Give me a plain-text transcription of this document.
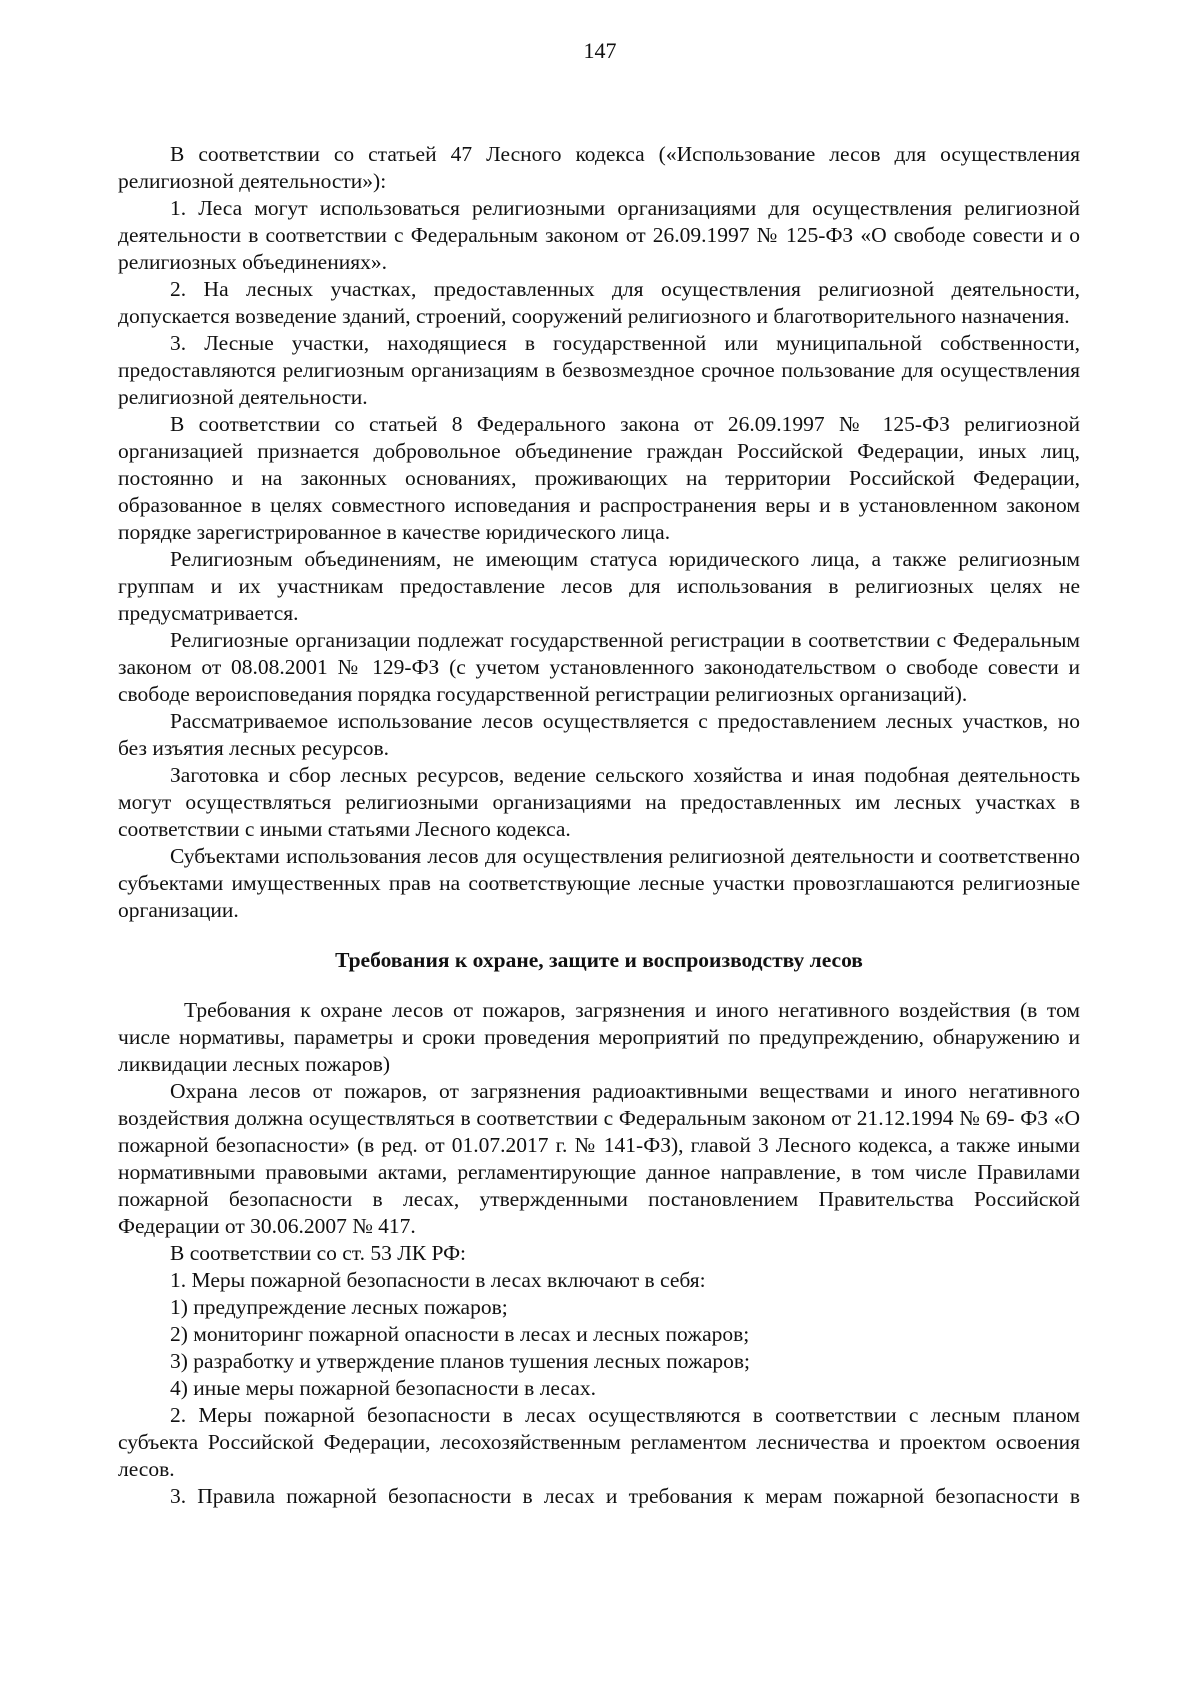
147

В соответствии со статьей 47 Лесного кодекса («Использование лесов для осуществления религиозной деятельности»):

1. Леса могут использоваться религиозными организациями для осуществления религиозной деятельности в соответствии с Федеральным законом от 26.09.1997 № 125-ФЗ «О свободе совести и о религиозных объединениях».

2. На лесных участках, предоставленных для осуществления религиозной деятельности, допускается возведение зданий, строений, сооружений религиозного и благотворительного назначения.

3. Лесные участки, находящиеся в государственной или муниципальной собственности, предоставляются религиозным организациям в безвозмездное срочное пользование для осуществления религиозной деятельности.

В соответствии со статьей 8 Федерального закона от 26.09.1997 № 125-ФЗ религиозной организацией признается добровольное объединение граждан Российской Федерации, иных лиц, постоянно и на законных основаниях, проживающих на территории Российской Федерации, образованное в целях совместного исповедания и распространения веры и в установленном законом порядке зарегистрированное в качестве юридического лица.

Религиозным объединениям, не имеющим статуса юридического лица, а также религиозным группам и их участникам предоставление лесов для использования в религиозных целях не предусматривается.

Религиозные организации подлежат государственной регистрации в соответствии с Федеральным законом от 08.08.2001 № 129-ФЗ (с учетом установленного законодательством о свободе совести и свободе вероисповедания порядка государственной регистрации религиозных организаций).

Рассматриваемое использование лесов осуществляется с предоставлением лесных участков, но без изъятия лесных ресурсов.

Заготовка и сбор лесных ресурсов, ведение сельского хозяйства и иная подобная деятельность могут осуществляться религиозными организациями на предоставленных им лесных участках в соответствии с иными статьями Лесного кодекса.

Субъектами использования лесов для осуществления религиозной деятельности и соответственно субъектами имущественных прав на соответствующие лесные участки провозглашаются религиозные организации.

Требования к охране, защите и воспроизводству лесов

Требования к охране лесов от пожаров, загрязнения и иного негативного воздействия (в том числе нормативы, параметры и сроки проведения мероприятий по предупреждению, обнаружению и ликвидации лесных пожаров)

Охрана лесов от пожаров, от загрязнения радиоактивными веществами и иного негативного воздействия должна осуществляться в соответствии с Федеральным законом от 21.12.1994 № 69- ФЗ «О пожарной безопасности» (в ред. от 01.07.2017 г. № 141-ФЗ), главой 3 Лесного кодекса, а также иными нормативными правовыми актами, регламентирующие данное направление, в том числе Правилами пожарной безопасности в лесах, утвержденными постановлением Правительства Российской Федерации от 30.06.2007 № 417.

В соответствии со ст. 53 ЛК РФ:

1. Меры пожарной безопасности в лесах включают в себя:

1) предупреждение лесных пожаров;

2) мониторинг пожарной опасности в лесах и лесных пожаров;

3) разработку и утверждение планов тушения лесных пожаров;

4) иные меры пожарной безопасности в лесах.

2. Меры пожарной безопасности в лесах осуществляются в соответствии с лесным планом субъекта Российской Федерации, лесохозяйственным регламентом лесничества и проектом освоения лесов.

3. Правила пожарной безопасности в лесах и требования к мерам пожарной безопасности в
